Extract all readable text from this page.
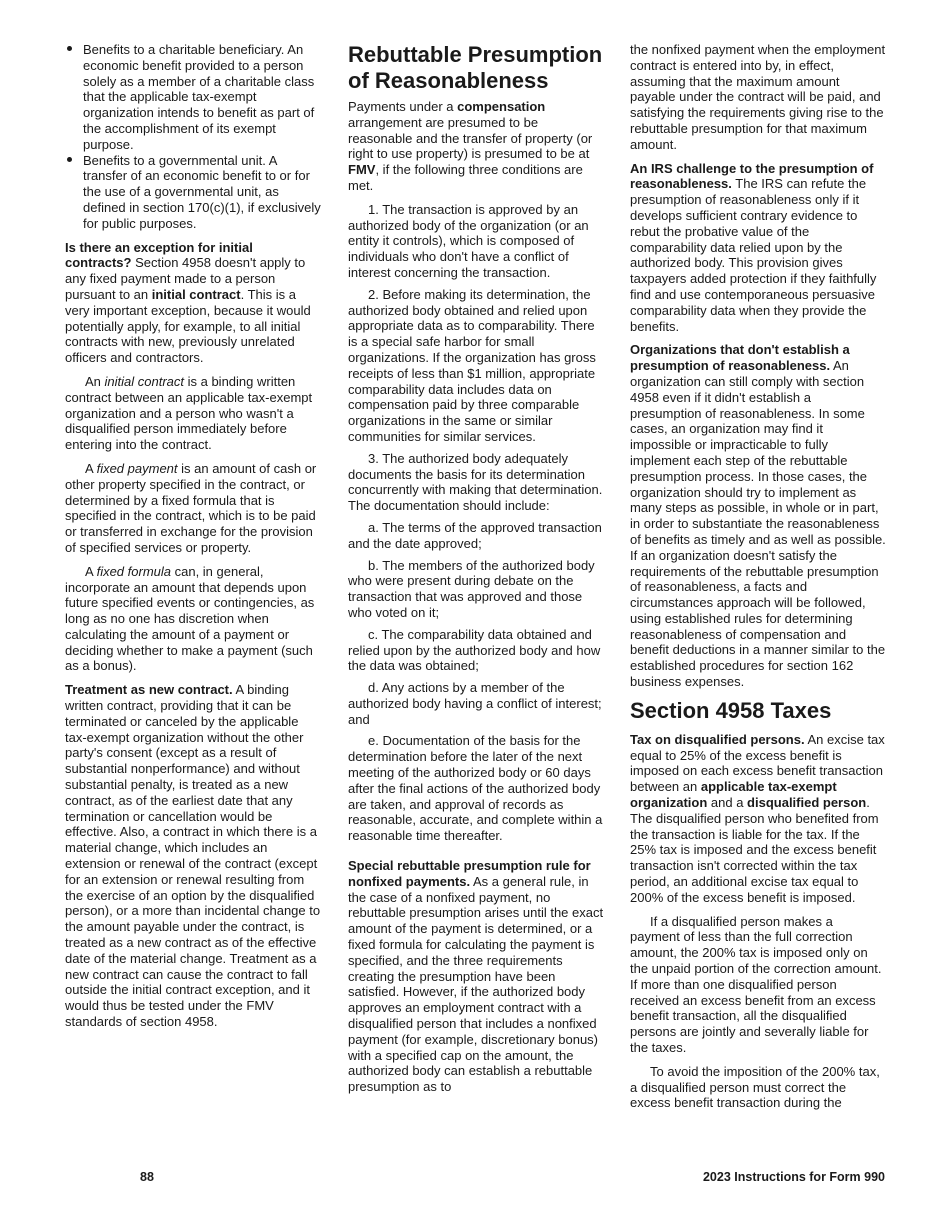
Benefits to a charitable beneficiary. An economic benefit provided to a person solely as a member of a charitable class that the applicable tax-exempt organization intends to benefit as part of the accomplishment of its exempt purpose.

Benefits to a governmental unit. A transfer of an economic benefit to or for the use of a governmental unit, as defined in section 170(c)(1), if exclusively for public purposes.

Is there an exception for initial contracts? Section 4958 doesn't apply to any fixed payment made to a person pursuant to an initial contract. This is a very important exception, because it would potentially apply, for example, to all initial contracts with new, previously unrelated officers and contractors.

An initial contract is a binding written contract between an applicable tax-exempt organization and a person who wasn't a disqualified person immediately before entering into the contract.

A fixed payment is an amount of cash or other property specified in the contract, or determined by a fixed formula that is specified in the contract, which is to be paid or transferred in exchange for the provision of specified services or property.

A fixed formula can, in general, incorporate an amount that depends upon future specified events or contingencies, as long as no one has discretion when calculating the amount of a payment or deciding whether to make a payment (such as a bonus).

Treatment as new contract. A binding written contract, providing that it can be terminated or canceled by the applicable tax-exempt organization without the other party's consent (except as a result of substantial nonperformance) and without substantial penalty, is treated as a new contract, as of the earliest date that any termination or cancellation would be effective. Also, a contract in which there is a material change, which includes an extension or renewal of the contract (except for an extension or renewal resulting from the exercise of an option by the disqualified person), or a more than incidental change to the amount payable under the contract, is treated as a new contract as of the effective date of the material change. Treatment as a new contract can cause the contract to fall outside the initial contract exception, and it would thus be tested under the FMV standards of section 4958.

Rebuttable Presumption of Reasonableness

Payments under a compensation arrangement are presumed to be reasonable and the transfer of property (or right to use property) is presumed to be at FMV, if the following three conditions are met.

1. The transaction is approved by an authorized body of the organization (or an entity it controls), which is composed of individuals who don't have a conflict of interest concerning the transaction.

2. Before making its determination, the authorized body obtained and relied upon appropriate data as to comparability. There is a special safe harbor for small organizations. If the organization has gross receipts of less than $1 million, appropriate comparability data includes data on compensation paid by three comparable organizations in the same or similar communities for similar services.

3. The authorized body adequately documents the basis for its determination concurrently with making that determination. The documentation should include:

a. The terms of the approved transaction and the date approved;

b. The members of the authorized body who were present during debate on the transaction that was approved and those who voted on it;

c. The comparability data obtained and relied upon by the authorized body and how the data was obtained;

d. Any actions by a member of the authorized body having a conflict of interest; and

e. Documentation of the basis for the determination before the later of the next meeting of the authorized body or 60 days after the final actions of the authorized body are taken, and approval of records as reasonable, accurate, and complete within a reasonable time thereafter.

Special rebuttable presumption rule for nonfixed payments. As a general rule, in the case of a nonfixed payment, no rebuttable presumption arises until the exact amount of the payment is determined, or a fixed formula for calculating the payment is specified, and the three requirements creating the presumption have been satisfied. However, if the authorized body approves an employment contract with a disqualified person that includes a nonfixed payment (for example, discretionary bonus) with a specified cap on the amount, the authorized body can establish a rebuttable presumption as to

the nonfixed payment when the employment contract is entered into by, in effect, assuming that the maximum amount payable under the contract will be paid, and satisfying the requirements giving rise to the rebuttable presumption for that maximum amount.

An IRS challenge to the presumption of reasonableness. The IRS can refute the presumption of reasonableness only if it develops sufficient contrary evidence to rebut the probative value of the comparability data relied upon by the authorized body. This provision gives taxpayers added protection if they faithfully find and use contemporaneous persuasive comparability data when they provide the benefits.

Organizations that don't establish a presumption of reasonableness. An organization can still comply with section 4958 even if it didn't establish a presumption of reasonableness. In some cases, an organization may find it impossible or impracticable to fully implement each step of the rebuttable presumption process. In those cases, the organization should try to implement as many steps as possible, in whole or in part, in order to substantiate the reasonableness of benefits as timely and as well as possible. If an organization doesn't satisfy the requirements of the rebuttable presumption of reasonableness, a facts and circumstances approach will be followed, using established rules for determining reasonableness of compensation and benefit deductions in a manner similar to the established procedures for section 162 business expenses.

Section 4958 Taxes

Tax on disqualified persons. An excise tax equal to 25% of the excess benefit is imposed on each excess benefit transaction between an applicable tax-exempt organization and a disqualified person. The disqualified person who benefited from the transaction is liable for the tax. If the 25% tax is imposed and the excess benefit transaction isn't corrected within the tax period, an additional excise tax equal to 200% of the excess benefit is imposed.

If a disqualified person makes a payment of less than the full correction amount, the 200% tax is imposed only on the unpaid portion of the correction amount. If more than one disqualified person received an excess benefit from an excess benefit transaction, all the disqualified persons are jointly and severally liable for the taxes.

To avoid the imposition of the 200% tax, a disqualified person must correct the excess benefit transaction during the

88	2023 Instructions for Form 990
